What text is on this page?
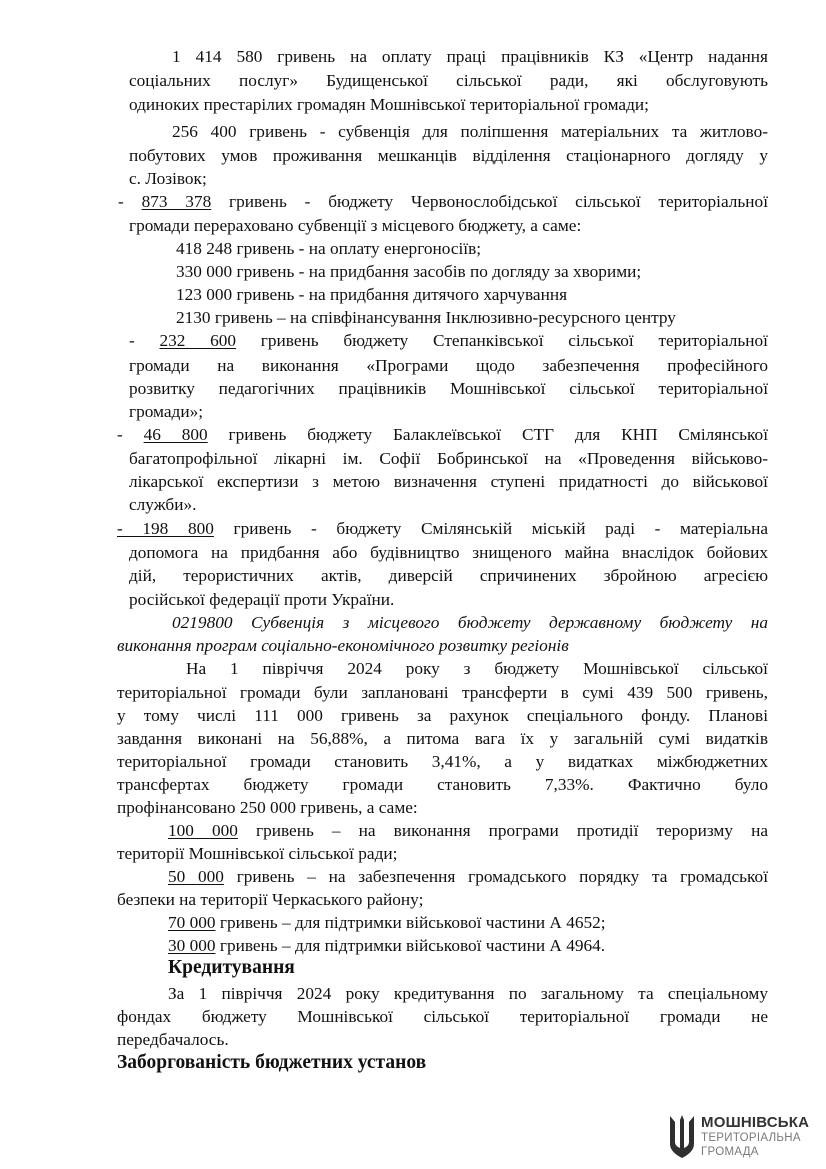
1 414 580 гривень на оплату праці працівників КЗ «Центр надання
соціальних послуг» Будищенської сільської ради, які обслуговують
одиноких престарілих громадян Мошнівської територіальної громади;
256 400 гривень - субвенція для поліпшення матеріальних та житлово-
побутових умов проживання мешканців відділення стаціонарного догляду у
с. Лозівок;
- 873 378 гривень - бюджету Червонослобідської сільської територіальної
громади перераховано субвенції з місцевого бюджету, а саме:
418 248 гривень - на оплату енергоносіїв;
330 000 гривень - на придбання засобів по догляду за хворими;
123 000 гривень - на придбання дитячого харчування
2130 гривень – на співфінансування Інклюзивно-ресурсного центру
- 232 600 гривень бюджету Степанківської сільської територіальної
громади на виконання «Програми щодо забезпечення професійного
розвитку педагогічних працівників Мошнівської сільської територіальної
громади»;
- 46 800 гривень бюджету Балаклеївської СТГ для КНП Смілянської
багатопрофільної лікарні ім. Софії Бобринської на «Проведення військово-
лікарської експертизи з метою визначення ступені придатності до військової
служби».
- 198 800 гривень - бюджету Смілянській міській раді - матеріальна
допомога на придбання або будівництво знищеного майна внаслідок бойових
дій, терористичних актів, диверсій спричинених збройною агресією
російської федерації проти України.
0219800 Субвенція з місцевого бюджету державному бюджету на
виконання програм соціально-економічного розвитку регіонів
На 1 півріччя 2024 року з бюджету Мошнівської сільської
територіальної громади були заплановані трансферти в сумі 439 500 гривень,
у тому числі 111 000 гривень за рахунок спеціального фонду. Планові
завдання виконані на 56,88%, а питома вага їх у загальній сумі видатків
територіальної громади становить 3,41%, а у видатках міжбюджетних
трансфертах бюджету громади становить 7,33%. Фактично було
профінансовано 250 000 гривень, а саме:
100 000 гривень – на виконання програми протидії тероризму на
території Мошнівської сільської ради;
50 000 гривень – на забезпечення громадського порядку та громадської
безпеки на території Черкаського району;
70 000 гривень – для підтримки військової частини А 4652;
30 000 гривень – для підтримки військової частини А 4964.
Кредитування
За 1 півріччя 2024 року кредитування по загальному та спеціальному
фондах бюджету Мошнівської сільської територіальної громади не
передбачалось.
Заборгованість бюджетних установ
МОШНІВСЬКА
ТЕРИТОРІАЛЬНА
ГРОМАДА
